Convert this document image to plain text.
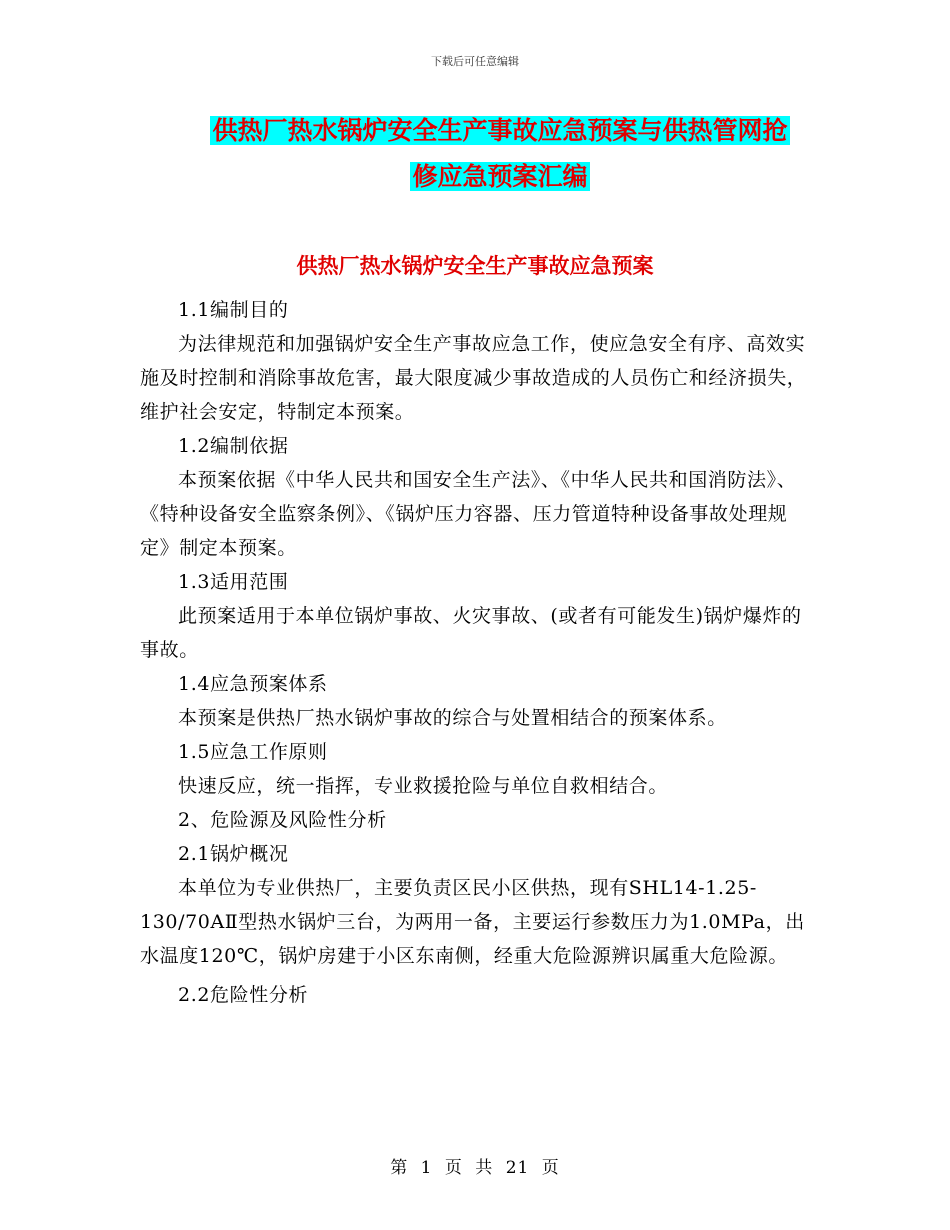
下载后可任意编辑
供热厂热水锅炉安全生产事故应急预案与供热管网抢
修应急预案汇编
供热厂热水锅炉安全生产事故应急预案

1.1编制目的

为法律规范和加强锅炉安全生产事故应急工作，使应急安全有序、高效实施及时控制和消除事故危害，最大限度减少事故造成的人员伤亡和经济损失，维护社会安定，特制定本预案。

1.2编制依据

本预案依据《中华人民共和国安全生产法》、《中华人民共和国消防法》、《特种设备安全监察条例》、《锅炉压力容器、压力管道特种设备事故处理规定》制定本预案。

1.3适用范围

此预案适用于本单位锅炉事故、火灾事故、(或者有可能发生)锅炉爆炸的事故。

1.4应急预案体系

本预案是供热厂热水锅炉事故的综合与处置相结合的预案体系。

1.5应急工作原则

快速反应，统一指挥，专业救援抢险与单位自救相结合。

2、危险源及风险性分析

2.1锅炉概况

本单位为专业供热厂，主要负责区民小区供热，现有SHL14-1.25-130/70AⅡ型热水锅炉三台，为两用一备，主要运行参数压力为1.0MPa，出水温度120℃，锅炉房建于小区东南侧，经重大危险源辨识属重大危险源。

2.2危险性分析

第 1 页 共 21 页
